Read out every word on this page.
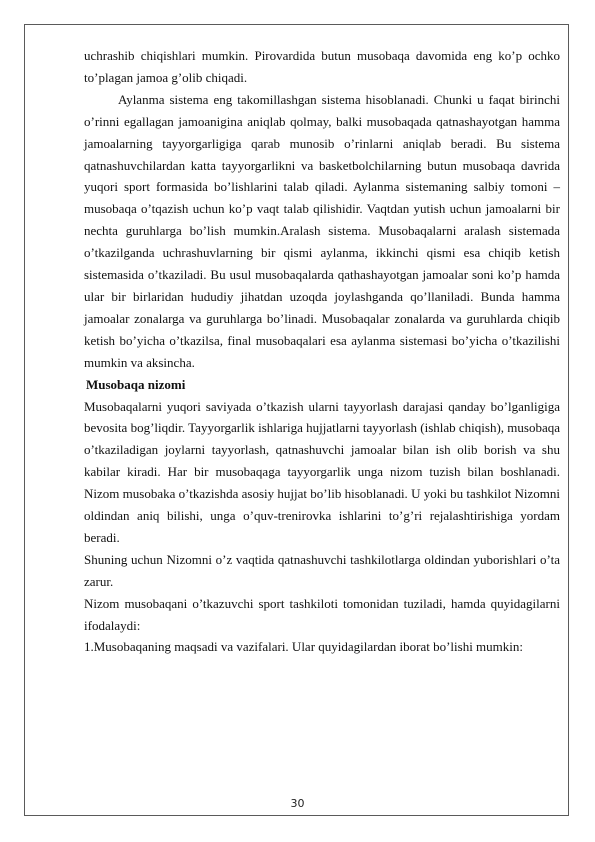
uchrashib chiqishlari mumkin. Pirovardida butun musobaqa davomida eng ko’p ochko to’plagan jamoa g’olib chiqadi.

Aylanma sistema eng takomillashgan sistema hisoblanadi. Chunki u faqat birinchi o’rinni egallagan jamoanigina aniqlab qolmay, balki musobaqada qatnashayotgan hamma jamoalarning tayyorgarligiga qarab munosib o’rinlarni aniqlab beradi. Bu sistema qatnashuvchilardan katta tayyorgarlikni va basketbolchilarning butun musobaqa davrida yuqori sport formasida bo’lishlarini talab qiladi. Aylanma sistemaning salbiy tomoni – musobaqa o’tqazish uchun ko’p vaqt talab qilishidir. Vaqtdan yutish uchun jamoalarni bir nechta guruhlarga bo’lish mumkin.Aralash sistema. Musobaqalarni aralash sistemada o’tkazilganda uchrashuvlarning bir qismi aylanma, ikkinchi qismi esa chiqib ketish sistemasida o’tkaziladi. Bu usul musobaqalarda qathashayotgan jamoalar soni ko’p hamda ular bir birlaridan hududiy jihatdan uzoqda joylashganda qo’llaniladi. Bunda hamma jamoalar zonalarga va guruhlarga bo’linadi. Musobaqalar zonalarda va guruhlarda chiqib ketish bo’yicha o’tkazilsa, final musobaqalari esa aylanma sistemasi bo’yicha o’tkazilishi mumkin va aksincha.

Musobaqa nizomi

Musobaqalarni yuqori saviyada o’tkazish ularni tayyorlash darajasi qanday bo’lganligiga bevosita bog’liqdir. Tayyorgarlik ishlariga hujjatlarni tayyorlash (ishlab chiqish), musobaqa o’tkaziladigan joylarni tayyorlash, qatnashuvchi jamoalar bilan ish olib borish va shu kabilar kiradi. Har bir musobaqaga tayyorgarlik unga nizom tuzish bilan boshlanadi. Nizom musobaka o’tkazishda asosiy hujjat bo’lib hisoblanadi. U yoki bu tashkilot Nizomni oldindan aniq bilishi, unga o’quv-trenirovka ishlarini to’g’ri rejalashtirishiga yordam beradi.

Shuning uchun Nizomni o’z vaqtida qatnashuvchi tashkilotlarga oldindan yuborishlari o’ta zarur.

Nizom musobaqani o’tkazuvchi sport tashkiloti tomonidan tuziladi, hamda quyidagilarni ifodalaydi:

1.Musobaqaning maqsadi va vazifalari. Ular quyidagilardan iborat bo’lishi mumkin:

30
